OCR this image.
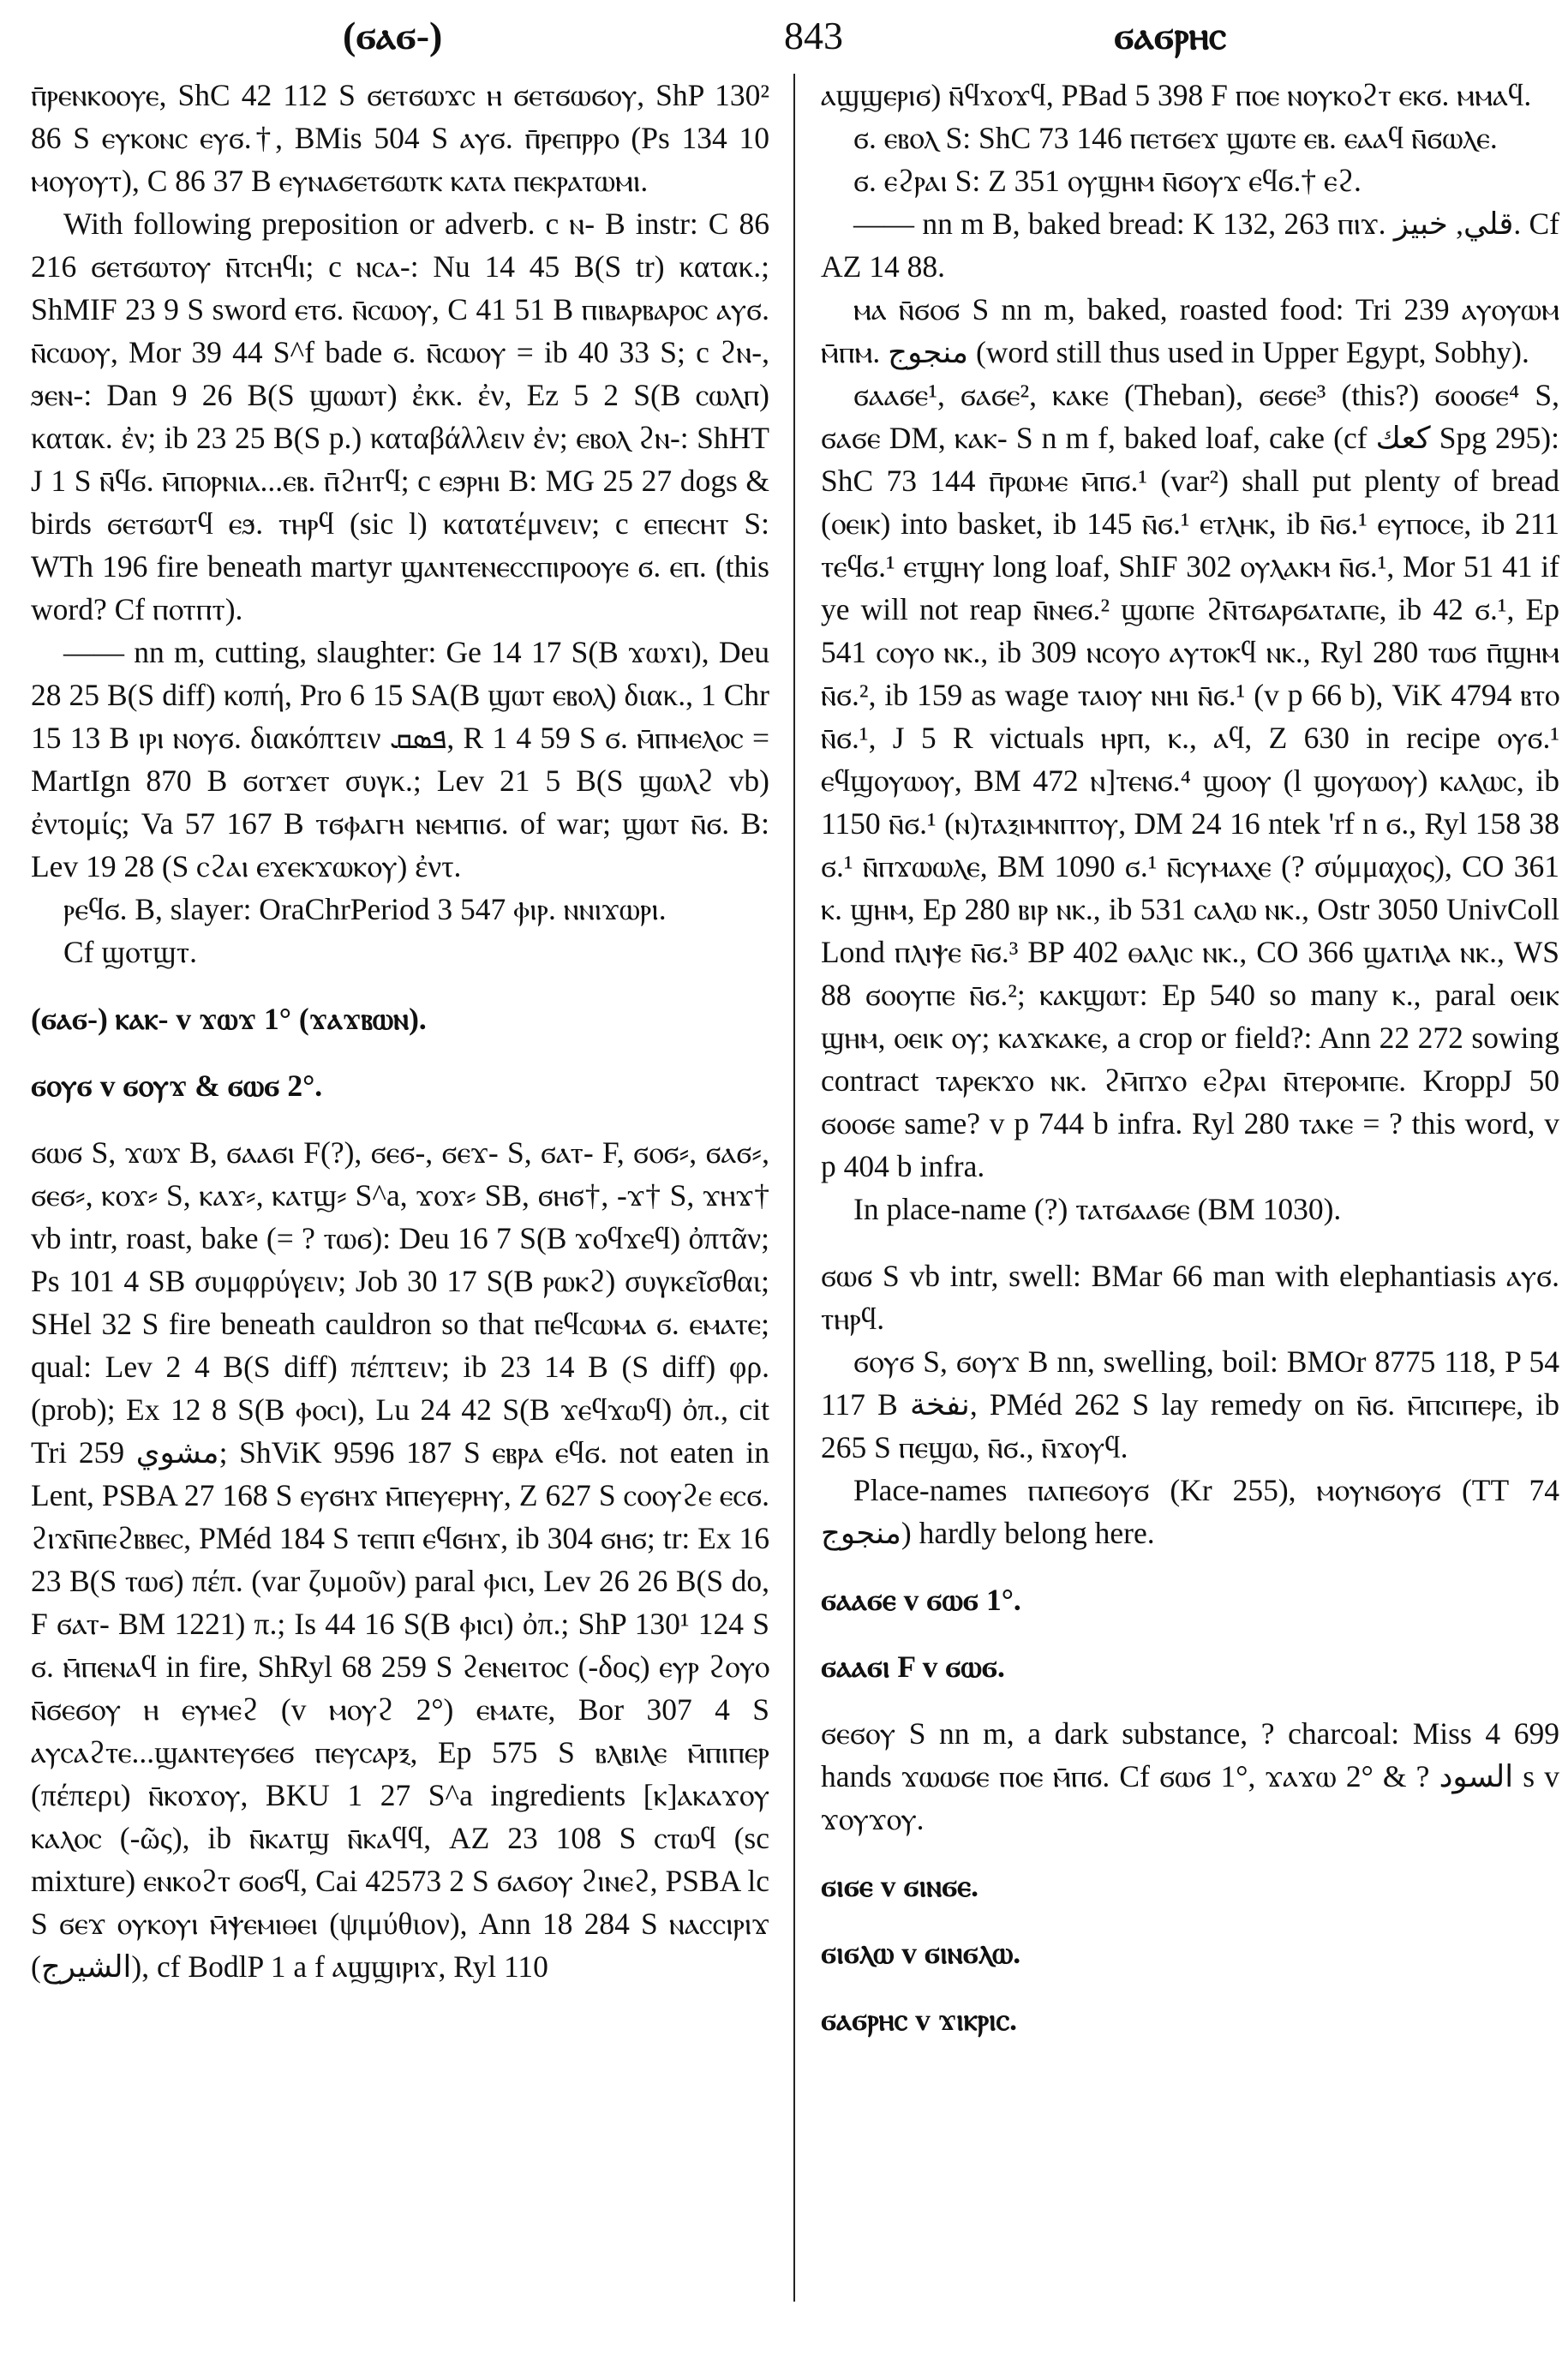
(ϭⲁϭ-)	843	ϭⲁϭⲣⲏⲥ

ⲡ̄ⲣⲉⲛⲕⲟⲟⲩⲉ, ShC 42 112 S ϭⲉⲧϭⲱϫⲥ ⲏ ϭⲉⲧϭⲱϭⲟⲩ, ShP 130² 86 S ⲉⲩⲕⲟⲛⲥ ⲉⲩϭ.†, BMis 504 S ⲁⲩϭ. ⲡ̄ⲣⲉⲡⲣⲣⲟ (Ps 134 10 ⲙⲟⲩⲟⲩⲧ), C 86 37 B ⲉⲩⲛⲁϭⲉⲧϭⲱⲧⲕ ⲕⲁⲧⲁ ⲡⲉⲕⲣⲁⲧⲱⲙⲓ.

With following preposition or adverb. c ⲛ- B instr: C 86 216 ϭⲉⲧϭⲱⲧⲟⲩ ⲛ̄ⲧⲥⲏϥⲓ; c ⲛⲥⲁ-: Nu 14 45 B(S tr) κατακ.; ShMIF 23 9 S sword ⲉⲧϭ. ⲛ̄ⲥⲱⲟⲩ, C 41 51 B ⲡⲓⲃⲁⲣⲃⲁⲣⲟⲥ ⲁⲩϭ. ⲛ̄ⲥⲱⲟⲩ, Mor 39 44 S^f bade ϭ. ⲛ̄ⲥⲱⲟⲩ = ib 40 33 S; c ϩⲛ-, ϧⲉⲛ-: Dan 9 26 B(S ϣⲱⲱⲧ) ἐκκ. ἐν, Ez 5 2 S(B ⲥⲱⲗⲡ) κατακ. ἐν; ib 23 25 B(S p.) καταβάλλειν ἐν; ⲉⲃⲟⲗ ϩⲛ-: ShHT J 1 S ⲛ̄ϥϭ. ⲙ̄ⲡⲟⲣⲛⲓⲁ...ⲉⲃ. ⲡ̄ϩⲏⲧϥ; c ⲉϧⲣⲏⲓ B: MG 25 27 dogs & birds ϭⲉⲧϭⲱⲧϥ ⲉϧ. ⲧⲏⲣϥ (sic l) κατατέμνειν; c ⲉⲡⲉⲥⲏⲧ S: WTh 196 fire beneath martyr ϣⲁⲛⲧⲉⲛⲉⲥⲥⲡⲓⲣⲟⲟⲩⲉ ϭ. ⲉⲡ. (this word? Cf ⲡⲟⲧⲡⲧ).

—— nn m, cutting, slaughter: Ge 14 17 S(B ϫⲱϫⲓ), Deu 28 25 B(S diff) κοπή, Pro 6 15 SA(B ϣⲱⲧ ⲉⲃⲟⲗ) διακ., 1 Chr 15 13 B ⲓⲣⲓ ⲛⲟⲩϭ. διακόπτειν ܦܣܩ, R 1 4 59 S ϭ. ⲙ̄ⲡⲙⲉⲗⲟⲥ = MartIgn 870 B ϭⲟⲧϫⲉⲧ συγκ.; Lev 21 5 B(S ϣⲱⲗϩ vb) ἐντομίς; Va 57 167 B ⲧϭⲫⲁⲅⲏ ⲛⲉⲙⲡⲓϭ. of war; ϣⲱⲧ ⲛ̄ϭ. B: Lev 19 28 (S ⲥϩⲁⲓ ⲉϫⲉⲕϫⲱⲕⲟⲩ) ἐντ.

ⲣⲉϥϭ. B, slayer: OraChrPeriod 3 547 ⲫⲓⲣ. ⲛⲛⲓϫⲱⲣⲓ.

Cf ϣⲟⲧϣⲧ.

(ϭⲁϭ-) ⲕⲁⲕ- v ϫⲱϫ 1° (ϫⲁϫⲃⲱⲛ).

ϭⲟⲩϭ v ϭⲟⲩϫ & ϭⲱϭ 2°.

ϭⲱϭ S, ϫⲱϫ B, ϭⲁⲁϭⲓ F(?), ϭⲉϭ-, ϭⲉϫ- S, ϭⲁⲧ- F, ϭⲟϭ⸗, ϭⲁϭ⸗, ϭⲉϭ⸗, ⲕⲟϫ⸗ S, ⲕⲁϫ⸗, ⲕⲁⲧϣ⸗ S^a, ϫⲟϫ⸗ SB, ϭⲏϭ†, -ϫ† S, ϫⲏϫ† vb intr, roast, bake (= ? ⲧⲱϭ): Deu 16 7 S(B ϫⲟϥϫⲉϥ) ὀπτᾶν; Ps 101 4 SB συμφρύγειν; Job 30 17 S(B ⲣⲱⲕϩ) συγκεῖσθαι; SHel 32 S fire beneath cauldron so that ⲡⲉϥⲥⲱⲙⲁ ϭ. ⲉⲙⲁⲧⲉ; qual: Lev 2 4 B(S diff) πέπτειν; ib 23 14 B (S diff) φρ. (prob); Ex 12 8 S(B ⲫⲟⲥⲓ), Lu 24 42 S(B ϫⲉϥϫⲱϥ) ὀπ., cit Tri 259 مشوي; ShViK 9596 187 S ⲉⲃⲣⲁ ⲉϥϭ. not eaten in Lent, PSBA 27 168 S ⲉⲩϭⲏϫ ⲙ̄ⲡⲉⲩⲉⲣⲏⲩ, Z 627 S ⲥⲟⲟⲩϩⲉ ⲉⲥϭ. ϩⲓϫⲛ̄ⲡⲉϩⲃⲃⲉⲥ, PMéd 184 S ⲧⲉⲡⲡ ⲉϥϭⲏϫ, ib 304 ϭⲏϭ; tr: Ex 16 23 B(S ⲧⲱϭ) πέπ. (var ζυμοῦν) paral ⲫⲓⲥⲓ, Lev 26 26 B(S do, F ϭⲁⲧ- BM 1221) π.; Is 44 16 S(B ⲫⲓⲥⲓ) ὀπ.; ShP 130¹ 124 S ϭ. ⲙ̄ⲡⲉⲛⲁϥ in fire, ShRyl 68 259 S ϩⲉⲛⲉⲓⲧⲟⲥ (-δος) ⲉⲩⲣ ϩⲟⲩⲟ ⲛ̄ϭⲉϭⲟⲩ ⲏ ⲉⲩⲙⲉϩ (v ⲙⲟⲩϩ 2°) ⲉⲙⲁⲧⲉ, Bor 307 4 S ⲁⲩⲥⲁϩⲧⲉ...ϣⲁⲛⲧⲉⲩϭⲉϭ ⲡⲉⲩⲥⲁⲣⲝ, Ep 575 S ⲃⲗⲃⲓⲗⲉ ⲙ̄ⲡⲓⲡⲉⲣ (πέπερι) ⲛ̄ⲕⲟϫⲟⲩ, BKU 1 27 S^a ingredients [ⲕ]ⲁⲕⲁϫⲟⲩ ⲕⲁⲗⲟⲥ (-ῶς), ib ⲛ̄ⲕⲁⲧϣ ⲛ̄ⲕⲁϥϥ, AZ 23 108 S ⲥⲧⲱϥ (sc mixture) ⲉⲛⲕⲟϩⲧ ϭⲟϭϥ, Cai 42573 2 S ϭⲁϭⲟⲩ ϩⲓⲛⲉϩ, PSBA lc S ϭⲉϫ ⲟⲩⲕⲟⲩⲓ ⲙ̄ⲯⲉⲙⲓⲑⲉⲓ (ψιμύθιον), Ann 18 284 S ⲛⲁⲥⲥⲓⲣⲓϫ (الشيرج), cf BodlP 1 a f ⲁϣϣⲓⲣⲓϫ, Ryl 110

ⲁϣϣⲉⲣⲓϭ) ⲛ̄ϥϫⲟϫϥ, PBad 5 398 F ⲡⲟⲉ ⲛⲟⲩⲕⲟϩⲧ ⲉⲕϭ. ⲙⲙⲁϥ.

ϭ. ⲉⲃⲟⲗ S: ShC 73 146 ⲡⲉⲧϭⲉϫ ϣⲱⲧⲉ ⲉⲃ. ⲉⲁⲁϥ ⲛ̄ϭⲱⲗⲉ.

ϭ. ⲉϩⲣⲁⲓ S: Z 351 ⲟⲩϣⲏⲙ ⲛ̄ϭⲟⲩϫ ⲉϥϭ.† ⲉϩ.

—— nn m B, baked bread: K 132, 263 ⲡⲓϫ. قلي, خبيز. Cf AZ 14 88.

ⲙⲁ ⲛ̄ϭⲟϭ S nn m, baked, roasted food: Tri 239 ⲁⲩⲟⲩⲱⲙ ⲙ̄ⲡⲙ. منجوج (word still thus used in Upper Egypt, Sobhy).

ϭⲁⲁϭⲉ¹, ϭⲁϭⲉ², ⲕⲁⲕⲉ (Theban), ϭⲉϭⲉ³ (this?) ϭⲟⲟϭⲉ⁴ S, ϭⲁϭⲉ DM, ⲕⲁⲕ- S n m f, baked loaf, cake (cf كعك Spg 295): ShC 73 144 ⲡ̄ⲣⲱⲙⲉ ⲙ̄ⲡϭ.¹ (var²) shall put plenty of bread (ⲟⲉⲓⲕ) into basket, ib 145 ⲛ̄ϭ.¹ ⲉⲧⲗⲏⲕ, ib ⲛ̄ϭ.¹ ⲉⲩⲡⲟⲥⲉ, ib 211 ⲧⲉϥϭ.¹ ⲉⲧϣⲏⲩ long loaf, ShIF 302 ⲟⲩⲗⲁⲕⲙ ⲛ̄ϭ.¹, Mor 51 41 if ye will not reap ⲛ̄ⲛⲉϭ.² ϣⲱⲡⲉ ϩⲛ̄ⲧϭⲁⲣϭⲁⲧⲁⲡⲉ, ib 42 ϭ.¹, Ep 541 ⲥⲟⲩⲟ ⲛⲕ., ib 309 ⲛⲥⲟⲩⲟ ⲁⲩⲧⲟⲕϥ ⲛⲕ., Ryl 280 ⲧⲱϭ ⲡ̄ϣⲏⲙ ⲛ̄ϭ.², ib 159 as wage ⲧⲁⲓⲟⲩ ⲛⲏⲓ ⲛ̄ϭ.¹ (v p 66 b), ViK 4794 ⲃⲧⲟ ⲛ̄ϭ.¹, J 5 R victuals ⲏⲣⲡ, ⲕ., ⲁϥ, Z 630 in recipe ⲟⲩϭ.¹ ⲉϥϣⲟⲩⲱⲟⲩ, BM 472 ⲛ]ⲧⲉⲛϭ.⁴ ϣⲟⲟⲩ (l ϣⲟⲩⲱⲟⲩ) ⲕⲁⲗⲱⲥ, ib 1150 ⲛ̄ϭ.¹ (ⲛ)ⲧⲁⲝⲓⲙⲛⲡⲧⲟⲩ, DM 24 16 ntek 'rf n ϭ., Ryl 158 38 ϭ.¹ ⲛ̄ⲡϫⲱⲱⲗⲉ, BM 1090 ϭ.¹ ⲛ̄ⲥⲩⲙⲁⲭⲉ (? σύμμαχος), CO 361 ⲕ. ϣⲏⲙ, Ep 280 ⲃⲓⲣ ⲛⲕ., ib 531 ⲥⲁⲗⲱ ⲛⲕ., Ostr 3050 UnivColl Lond ⲡⲗⲓⲯⲉ ⲛ̄ϭ.³ BP 402 ⲑⲁⲗⲓⲥ ⲛⲕ., CO 366 ϣⲁⲧⲓⲗⲁ ⲛⲕ., WS 88 ϭⲟⲟⲩⲡⲉ ⲛ̄ϭ.²; ⲕⲁⲕϣⲱⲧ: Ep 540 so many ⲕ., paral ⲟⲉⲓⲕ ϣⲏⲙ, ⲟⲉⲓⲕ ⲟⲩ; ⲕⲁϫⲕⲁⲕⲉ, a crop or field?: Ann 22 272 sowing contract ⲧⲁⲣⲉⲕϫⲟ ⲛⲕ. ϩⲙ̄ⲡϫⲟ ⲉϩⲣⲁⲓ ⲛ̄ⲧⲉⲣⲟⲙⲡⲉ. KroppJ 50 ϭⲟⲟϭⲉ same? v p 744 b infra. Ryl 280 ⲧⲁⲕⲉ = ? this word, v p 404 b infra.

In place-name (?) ⲧⲁⲧϭⲁⲁϭⲉ (BM 1030).

ϭⲱϭ S vb intr, swell: BMar 66 man with elephantiasis ⲁⲩϭ. ⲧⲏⲣϥ.

ϭⲟⲩϭ S, ϭⲟⲩϫ B nn, swelling, boil: BMOr 8775 118, P 54 117 B نفخة, PMéd 262 S lay remedy on ⲛ̄ϭ. ⲙ̄ⲡⲥⲓⲡⲉⲣⲉ, ib 265 S ⲡⲉϣⲱ, ⲛ̄ϭ., ⲛ̄ϫⲟⲩϥ.

Place-names ⲡⲁⲡⲉϭⲟⲩϭ (Kr 255), ⲙⲟⲩⲛϭⲟⲩϭ (TT 74 منجوج) hardly belong here.

ϭⲁⲁϭⲉ v ϭⲱϭ 1°.

ϭⲁⲁϭⲓ F v ϭⲱϭ.

ϭⲉϭⲟⲩ S nn m, a dark substance, ? charcoal: Miss 4 699 hands ϫⲱⲱϭⲉ ⲡⲟⲉ ⲙ̄ⲡϭ. Cf ϭⲱϭ 1°, ϫⲁϫⲱ 2° & ? السود s v ϫⲟⲩϫⲟⲩ.

ϭⲓϭⲉ v ϭⲓⲛϭⲉ.

ϭⲓϭⲗⲱ v ϭⲓⲛϭⲗⲱ.

ϭⲁϭⲣⲏⲥ v ϫⲓⲕⲣⲓⲥ.
